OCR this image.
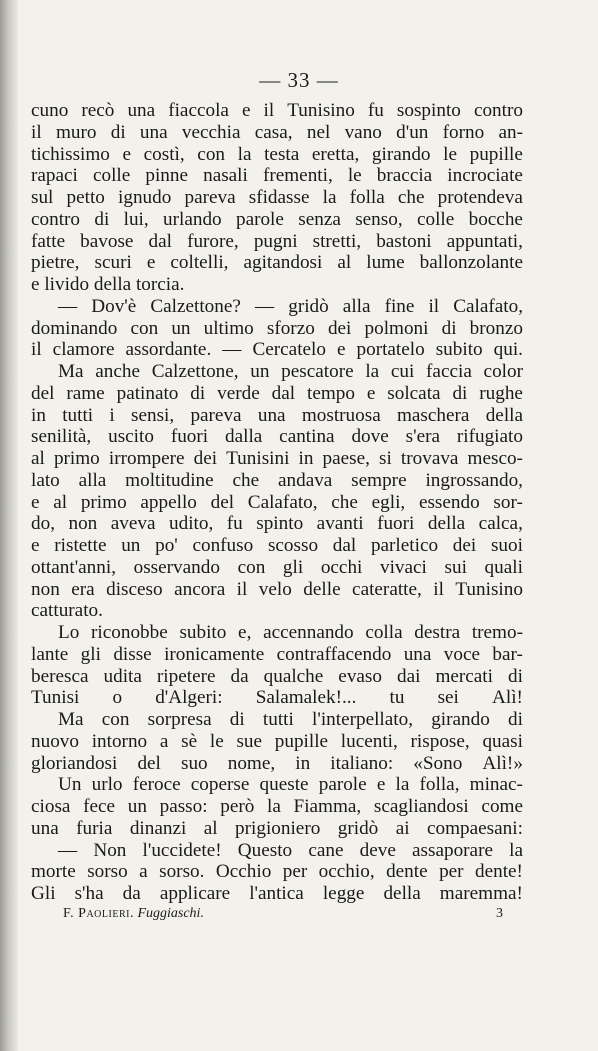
— 33 —
cuno recò una fiaccola e il Tunisino fu sospinto contro
il muro di una vecchia casa, nel vano d'un forno an-
tichissimo e costì, con la testa eretta, girando le pupille
rapaci colle pinne nasali frementi, le braccia incrociate
sul petto ignudo pareva sfidasse la folla che protendeva
contro di lui, urlando parole senza senso, colle bocche
fatte bavose dal furore, pugni stretti, bastoni appuntati,
pietre, scuri e coltelli, agitandosi al lume ballonzolante
e livido della torcia.
— Dov'è Calzettone? — gridò alla fine il Calafato,
dominando con un ultimo sforzo dei polmoni di bronzo
il clamore assordante. — Cercatelo e portatelo subito qui.
Ma anche Calzettone, un pescatore la cui faccia color
del rame patinato di verde dal tempo e solcata di rughe
in tutti i sensi, pareva una mostruosa maschera della
senilità, uscito fuori dalla cantina dove s'era rifugiato
al primo irrompere dei Tunisini in paese, si trovava mesco-
lato alla moltitudine che andava sempre ingrossando,
e al primo appello del Calafato, che egli, essendo sor-
do, non aveva udito, fu spinto avanti fuori della calca,
e ristette un po' confuso scosso dal parletico dei suoi
ottant'anni, osservando con gli occhi vivaci sui quali
non era disceso ancora il velo delle cateratte, il Tunisino
catturato.
Lo riconobbe subito e, accennando colla destra tremo-
lante gli disse ironicamente contraffacendo una voce bar-
beresca udita ripetere da qualche evaso dai mercati di
Tunisi o d'Algeri: Salamalek!... tu sei Alì!
Ma con sorpresa di tutti l'interpellato, girando di
nuovo intorno a sè le sue pupille lucenti, rispose, quasi
gloriandosi del suo nome, in italiano: «Sono Alì!»
Un urlo feroce coperse queste parole e la folla, minac-
ciosa fece un passo: però la Fiamma, scagliandosi come
una furia dinanzi al prigioniero gridò ai compaesani:
— Non l'uccidete! Questo cane deve assaporare la
morte sorso a sorso. Occhio per occhio, dente per dente!
Gli s'ha da applicare l'antica legge della maremma!
F. Paolieri. Fuggiaschi.	3
